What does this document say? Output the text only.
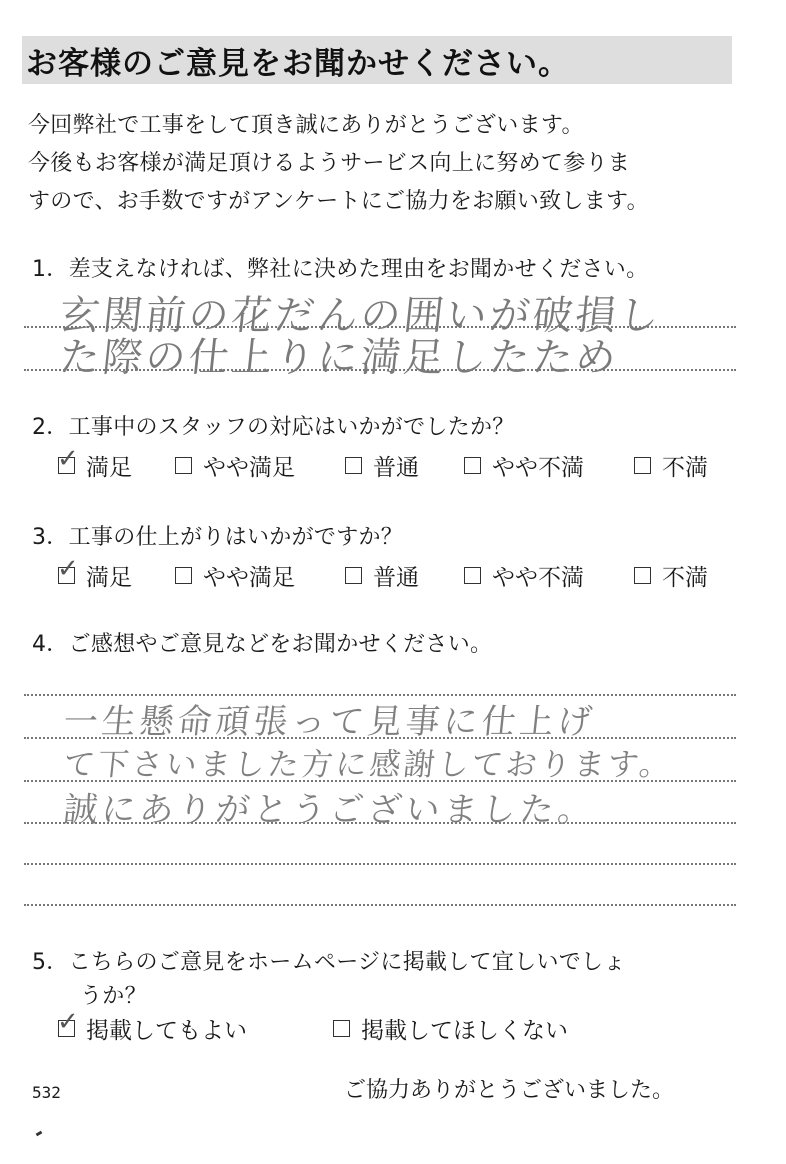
お客様のご意見をお聞かせください。
今回弊社で工事をして頂き誠にありがとうございます。
今後もお客様が満足頂けるようサービス向上に努めて参りま
すので、お手数ですがアンケートにご協力をお願い致します。
1．差支えなければ、弊社に決めた理由をお聞かせください。
玄関前の花だんの囲いが破損し
た際の仕上りに満足したため
2．工事中のスタッフの対応はいかがでしたか？
✓ 満足	やや満足	普通	やや不満	不満
3．工事の仕上がりはいかがですか？
✓ 満足	やや満足	普通	やや不満	不満
4．ご感想やご意見などをお聞かせください。
一生懸命頑張って見事に仕上げ
て下さいました方に感謝しております。
誠にありがとうございました。
5．こちらのご意見をホームページに掲載して宜しいでしょ
うか？
✓ 掲載してもよい	掲載してほしくない
532	ご協力ありがとうございました。
